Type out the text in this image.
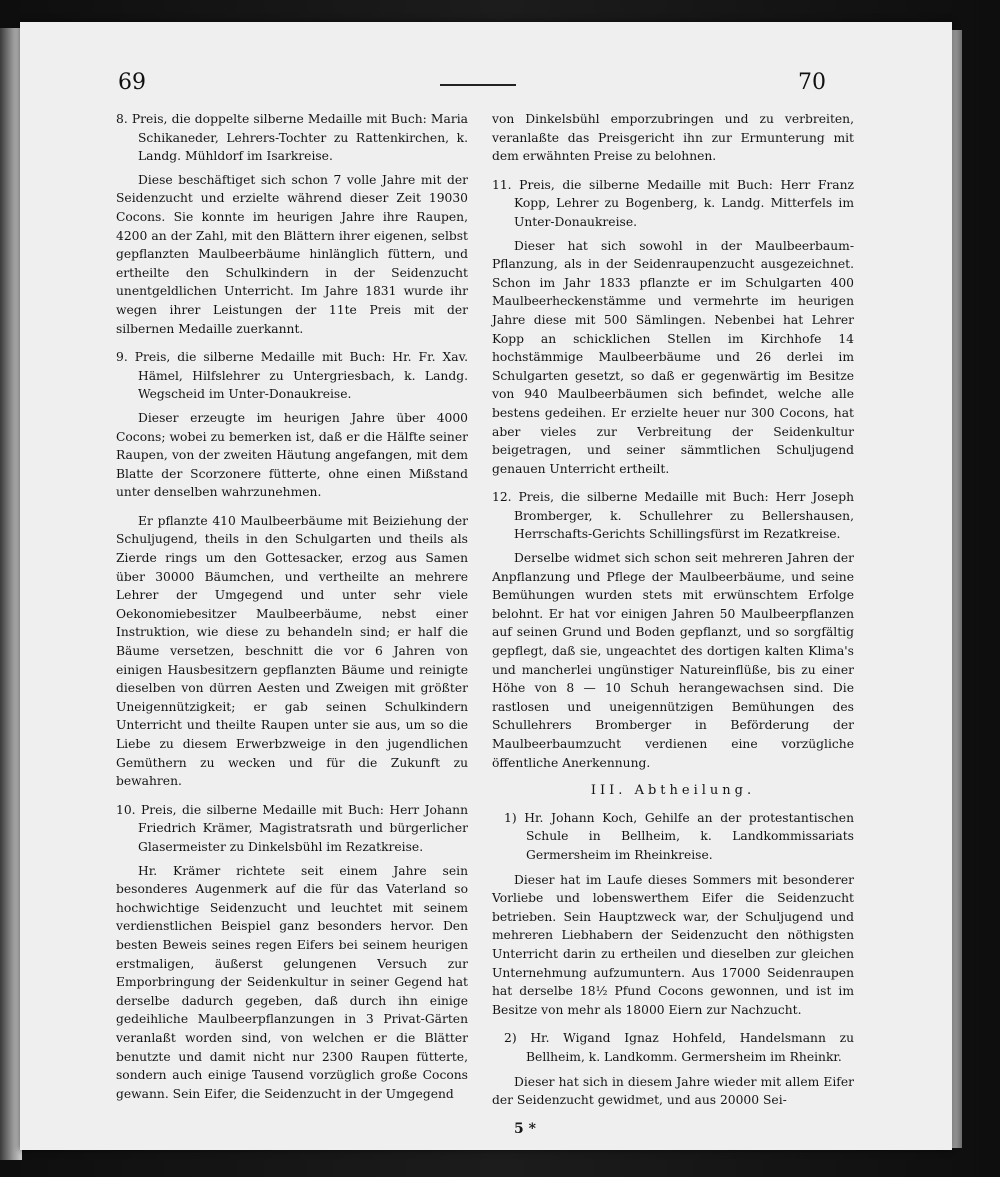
69	70

8. Preis, die doppelte silberne Medaille mit Buch: Maria Schikaneder, Lehrers-Tochter zu Rattenkirchen, k. Landg. Mühldorf im Isarkreise.

Diese beschäftiget sich schon 7 volle Jahre mit der Seidenzucht und erzielte während dieser Zeit 19030 Cocons. Sie konnte im heurigen Jahre ihre Raupen, 4200 an der Zahl, mit den Blättern ihrer eigenen, selbst gepflanzten Maulbeerbäume hinlänglich füttern, und ertheilte den Schulkindern in der Seidenzucht unentgeldlichen Unterricht. Im Jahre 1831 wurde ihr wegen ihrer Leistungen der 11te Preis mit der silbernen Medaille zuerkannt.

9. Preis, die silberne Medaille mit Buch: Hr. Fr. Xav. Hämel, Hilfslehrer zu Untergriesbach, k. Landg. Wegscheid im Unter-Donaukreise.

Dieser erzeugte im heurigen Jahre über 4000 Cocons; wobei zu bemerken ist, daß er die Hälfte seiner Raupen, von der zweiten Häutung angefangen, mit dem Blatte der Scorzonere fütterte, ohne einen Mißstand unter denselben wahrzunehmen.

Er pflanzte 410 Maulbeerbäume mit Beiziehung der Schuljugend, theils in den Schulgarten und theils als Zierde rings um den Gottesacker, erzog aus Samen über 30000 Bäumchen, und vertheilte an mehrere Lehrer der Umgegend und unter sehr viele Oekonomiebesitzer Maulbeerbäume, nebst einer Instruktion, wie diese zu behandeln sind; er half die Bäume versetzen, beschnitt die vor 6 Jahren von einigen Hausbesitzern gepflanzten Bäume und reinigte dieselben von dürren Aesten und Zweigen mit größter Uneigennützigkeit; er gab seinen Schulkindern Unterricht und theilte Raupen unter sie aus, um so die Liebe zu diesem Erwerbzweige in den jugendlichen Gemüthern zu wecken und für die Zukunft zu bewahren.

10. Preis, die silberne Medaille mit Buch: Herr Johann Friedrich Krämer, Magistratsrath und bürgerlicher Glasermeister zu Dinkelsbühl im Rezatkreise.

Hr. Krämer richtete seit einem Jahre sein besonderes Augenmerk auf die für das Vaterland so hochwichtige Seidenzucht und leuchtet mit seinem verdienstlichen Beispiel ganz besonders hervor. Den besten Beweis seines regen Eifers bei seinem heurigen erstmaligen, äußerst gelungenen Versuch zur Emporbringung der Seidenkultur in seiner Gegend hat derselbe dadurch gegeben, daß durch ihn einige gedeihliche Maulbeerpflanzungen in 3 Privat-Gärten veranlaßt worden sind, von welchen er die Blätter benutzte und damit nicht nur 2300 Raupen fütterte, sondern auch einige Tausend vorzüglich große Cocons gewann. Sein Eifer, die Seidenzucht in der Umgegend

von Dinkelsbühl emporzubringen und zu verbreiten, veranlaßte das Preisgericht ihn zur Ermunterung mit dem erwähnten Preise zu belohnen.

11. Preis, die silberne Medaille mit Buch: Herr Franz Kopp, Lehrer zu Bogenberg, k. Landg. Mitterfels im Unter-Donaukreise.

Dieser hat sich sowohl in der Maulbeerbaum-Pflanzung, als in der Seidenraupenzucht ausgezeichnet. Schon im Jahr 1833 pflanzte er im Schulgarten 400 Maulbeerheckenstämme und vermehrte im heurigen Jahre diese mit 500 Sämlingen. Nebenbei hat Lehrer Kopp an schicklichen Stellen im Kirchhofe 14 hochstämmige Maulbeerbäume und 26 derlei im Schulgarten gesetzt, so daß er gegenwärtig im Besitze von 940 Maulbeerbäumen sich befindet, welche alle bestens gedeihen. Er erzielte heuer nur 300 Cocons, hat aber vieles zur Verbreitung der Seidenkultur beigetragen, und seiner sämmtlichen Schuljugend genauen Unterricht ertheilt.

12. Preis, die silberne Medaille mit Buch: Herr Joseph Bromberger, k. Schullehrer zu Bellershausen, Herrschafts-Gerichts Schillingsfürst im Rezatkreise.

Derselbe widmet sich schon seit mehreren Jahren der Anpflanzung und Pflege der Maulbeerbäume, und seine Bemühungen wurden stets mit erwünschtem Erfolge belohnt. Er hat vor einigen Jahren 50 Maulbeerpflanzen auf seinen Grund und Boden gepflanzt, und so sorgfältig gepflegt, daß sie, ungeachtet des dortigen kalten Klima's und mancherlei ungünstiger Natureinflüße, bis zu einer Höhe von 8 — 10 Schuh herangewachsen sind. Die rastlosen und uneigennützigen Bemühungen des Schullehrers Bromberger in Beförderung der Maulbeerbaumzucht verdienen eine vorzügliche öffentliche Anerkennung.

III. Abtheilung.

1) Hr. Johann Koch, Gehilfe an der protestantischen Schule in Bellheim, k. Landkommissariats Germersheim im Rheinkreise.

Dieser hat im Laufe dieses Sommers mit besonderer Vorliebe und lobenswerthem Eifer die Seidenzucht betrieben. Sein Hauptzweck war, der Schuljugend und mehreren Liebhabern der Seidenzucht den nöthigsten Unterricht darin zu ertheilen und dieselben zur gleichen Unternehmung aufzumuntern. Aus 17000 Seidenraupen hat derselbe 18½ Pfund Cocons gewonnen, und ist im Besitze von mehr als 18000 Eiern zur Nachzucht.

2) Hr. Wigand Ignaz Hohfeld, Handelsmann zu Bellheim, k. Landkomm. Germersheim im Rheinkr.

Dieser hat sich in diesem Jahre wieder mit allem Eifer der Seidenzucht gewidmet, und aus 20000 Sei-

5 *
